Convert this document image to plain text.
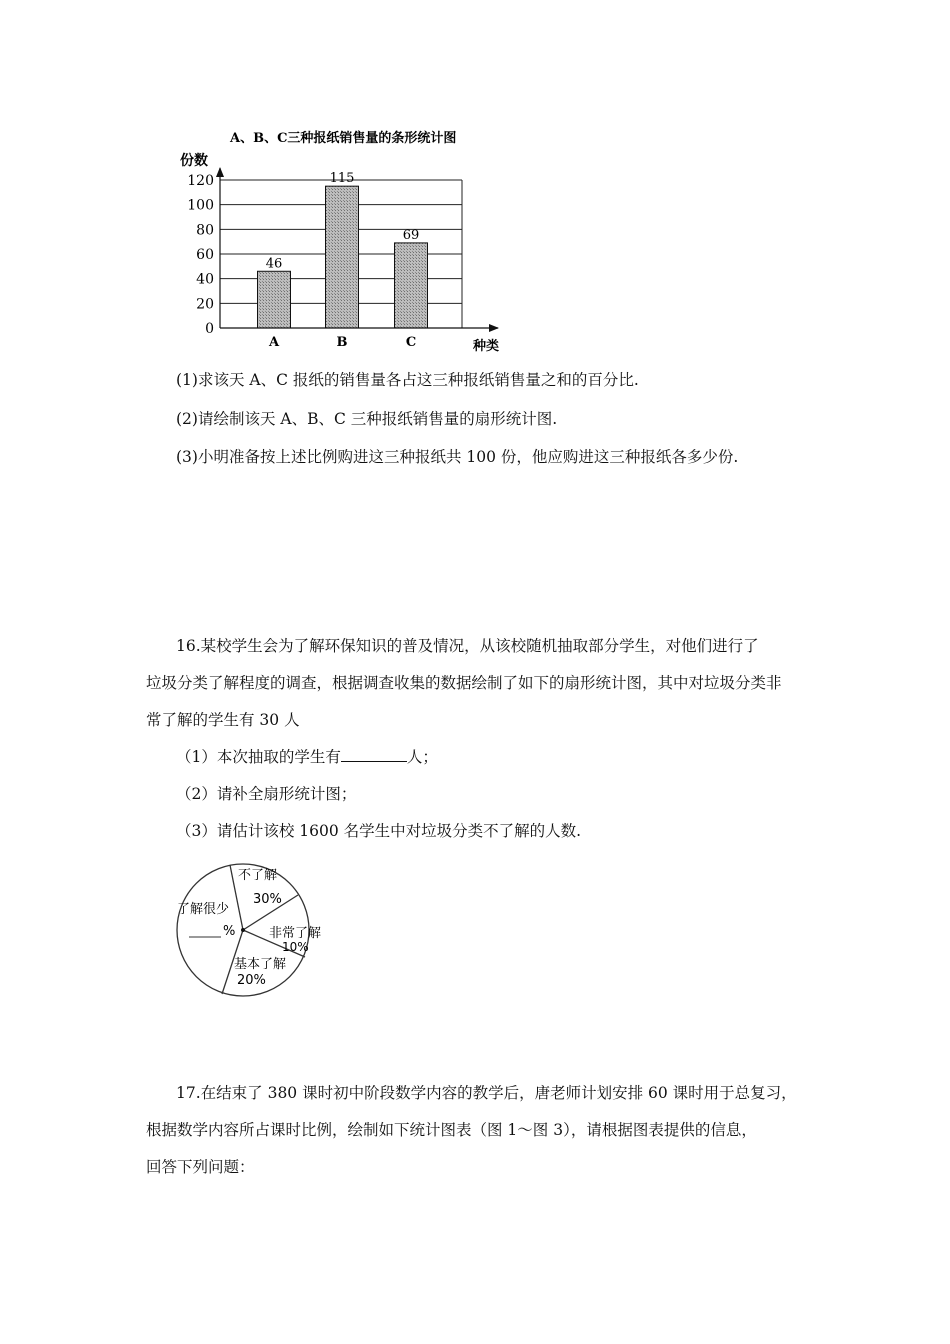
A、B、C三种报纸销售量的条形统计图
份数
种类
0
20
40
60
80
100
120
46
A
115
B
69
C
(1)求该天 A、C 报纸的销售量各占这三种报纸销售量之和的百分比.
(2)请绘制该天 A、B、C 三种报纸销售量的扇形统计图.
(3)小明准备按上述比例购进这三种报纸共 100 份，他应购进这三种报纸各多少份.
16.某校学生会为了解环保知识的普及情况，从该校随机抽取部分学生，对他们进行了
垃圾分类了解程度的调查，根据调查收集的数据绘制了如下的扇形统计图，其中对垃圾分类非
常了解的学生有 30 人
（1）本次抽取的学生有	人；
（2）请补全扇形统计图；
（3）请估计该校 1600 名学生中对垃圾分类不了解的人数.
不了解
30%
非常了解
10%
基本了解
20%
了解很少
%
17.在结束了 380 课时初中阶段数学内容的教学后，唐老师计划安排 60 课时用于总复习，
根据数学内容所占课时比例，绘制如下统计图表（图 1～图 3），请根据图表提供的信息，
回答下列问题：
